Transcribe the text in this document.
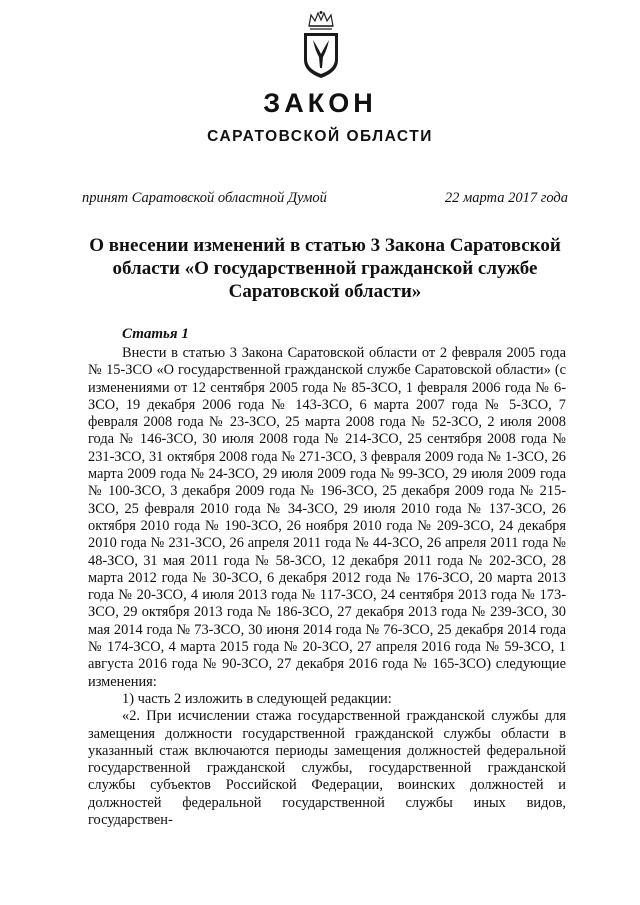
ЗАКОН
САРАТОВСКОЙ ОБЛАСТИ
принят Саратовской областной Думой	22 марта 2017 года
О внесении изменений в статью 3 Закона Саратовской
области «О государственной гражданской службе
Саратовской области»
Статья 1

Внести в статью 3 Закона Саратовской области от 2 февраля 2005 года № 15-ЗСО «О государственной гражданской службе Саратовской области» (с изменениями от 12 сентября 2005 года № 85-ЗСО, 1 февраля 2006 года № 6-ЗСО, 19 декабря 2006 года № 143-ЗСО, 6 марта 2007 года № 5-ЗСО, 7 февраля 2008 года № 23-ЗСО, 25 марта 2008 года № 52-ЗСО, 2 июля 2008 года № 146-ЗСО, 30 июля 2008 года № 214-ЗСО, 25 сентября 2008 года № 231-ЗСО, 31 октября 2008 года № 271-ЗСО, 3 февраля 2009 года № 1-ЗСО, 26 марта 2009 года № 24-ЗСО, 29 июля 2009 года № 99-ЗСО, 29 июля 2009 года № 100-ЗСО, 3 декабря 2009 года № 196-ЗСО, 25 декабря 2009 года № 215-ЗСО, 25 февраля 2010 года № 34-ЗСО, 29 июля 2010 года № 137-ЗСО, 26 октября 2010 года № 190-ЗСО, 26 ноября 2010 года № 209-ЗСО, 24 декабря 2010 года № 231-ЗСО, 26 апреля 2011 года № 44-ЗСО, 26 апреля 2011 года № 48-ЗСО, 31 мая 2011 года № 58-ЗСО, 12 декабря 2011 года № 202-ЗСО, 28 марта 2012 года № 30-ЗСО, 6 декабря 2012 года № 176-ЗСО, 20 марта 2013 года № 20-ЗСО, 4 июля 2013 года № 117-ЗСО, 24 сентября 2013 года № 173-ЗСО, 29 октября 2013 года № 186-ЗСО, 27 декабря 2013 года № 239-ЗСО, 30 мая 2014 года № 73-ЗСО, 30 июня 2014 года № 76-ЗСО, 25 декабря 2014 года № 174-ЗСО, 4 марта 2015 года № 20-ЗСО, 27 апреля 2016 года № 59-ЗСО, 1 августа 2016 года № 90-ЗСО, 27 декабря 2016 года № 165-ЗСО) следующие изменения:

1) часть 2 изложить в следующей редакции:

«2. При исчислении стажа государственной гражданской службы для замещения должности государственной гражданской службы области в указанный стаж включаются периоды замещения должностей федеральной государственной гражданской службы, государственной гражданской службы субъектов Российской Федерации, воинских должностей и должностей федеральной государственной службы иных видов, государствен-
